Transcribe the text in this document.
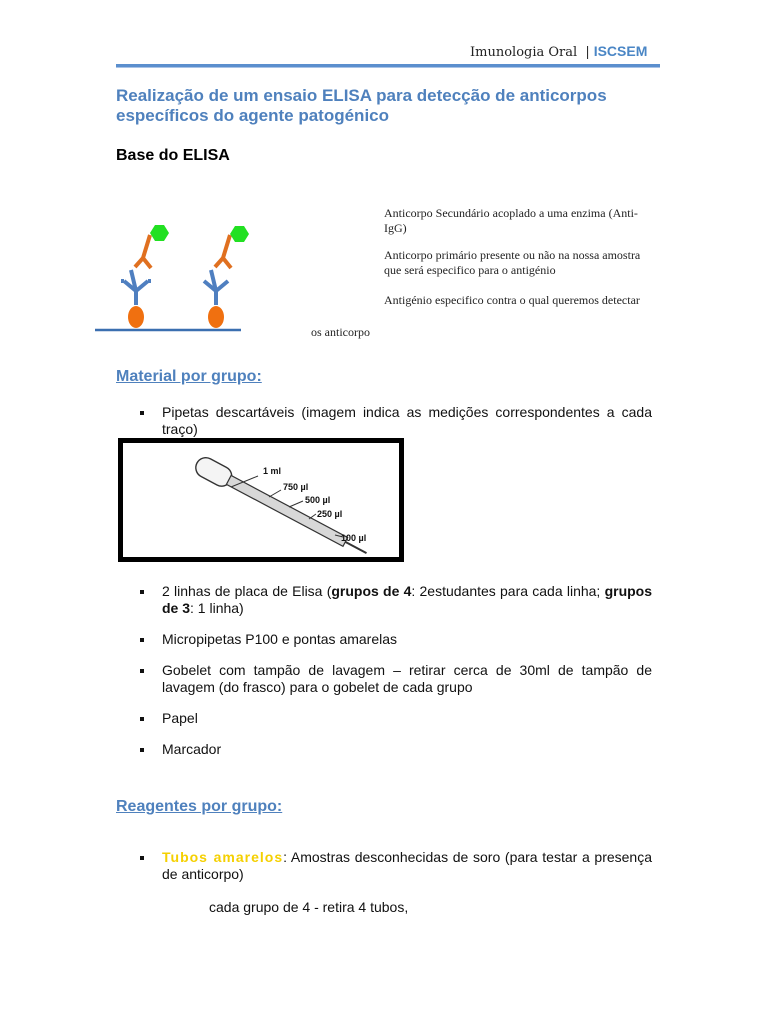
Imunologia Oral | ISCSEM
Realização de um ensaio ELISA para detecção de anticorpos específicos do agente patogénico
Base do ELISA
Anticorpo Secundário acoplado a uma enzima (Anti-IgG)
Anticorpo primário presente ou não na nossa amostra que será especifico para o antigénio
Antigénio especifico contra o qual queremos detectar
os anticorpo
Material por grupo:
Pipetas descartáveis (imagem indica as medições correspondentes a cada traço)
1 ml
750 µl
500 µl
250 µl
100 µl
2 linhas de placa de Elisa (grupos de 4: 2estudantes para cada linha; grupos de 3: 1 linha)
Micropipetas P100 e pontas amarelas
Gobelet com tampão de lavagem – retirar cerca de 30ml de tampão de lavagem (do frasco) para o gobelet de cada grupo
Papel
Marcador
Reagentes por grupo:
Tubos amarelos: Amostras desconhecidas de soro (para testar a presença de anticorpo)
cada grupo de 4 - retira 4 tubos,
